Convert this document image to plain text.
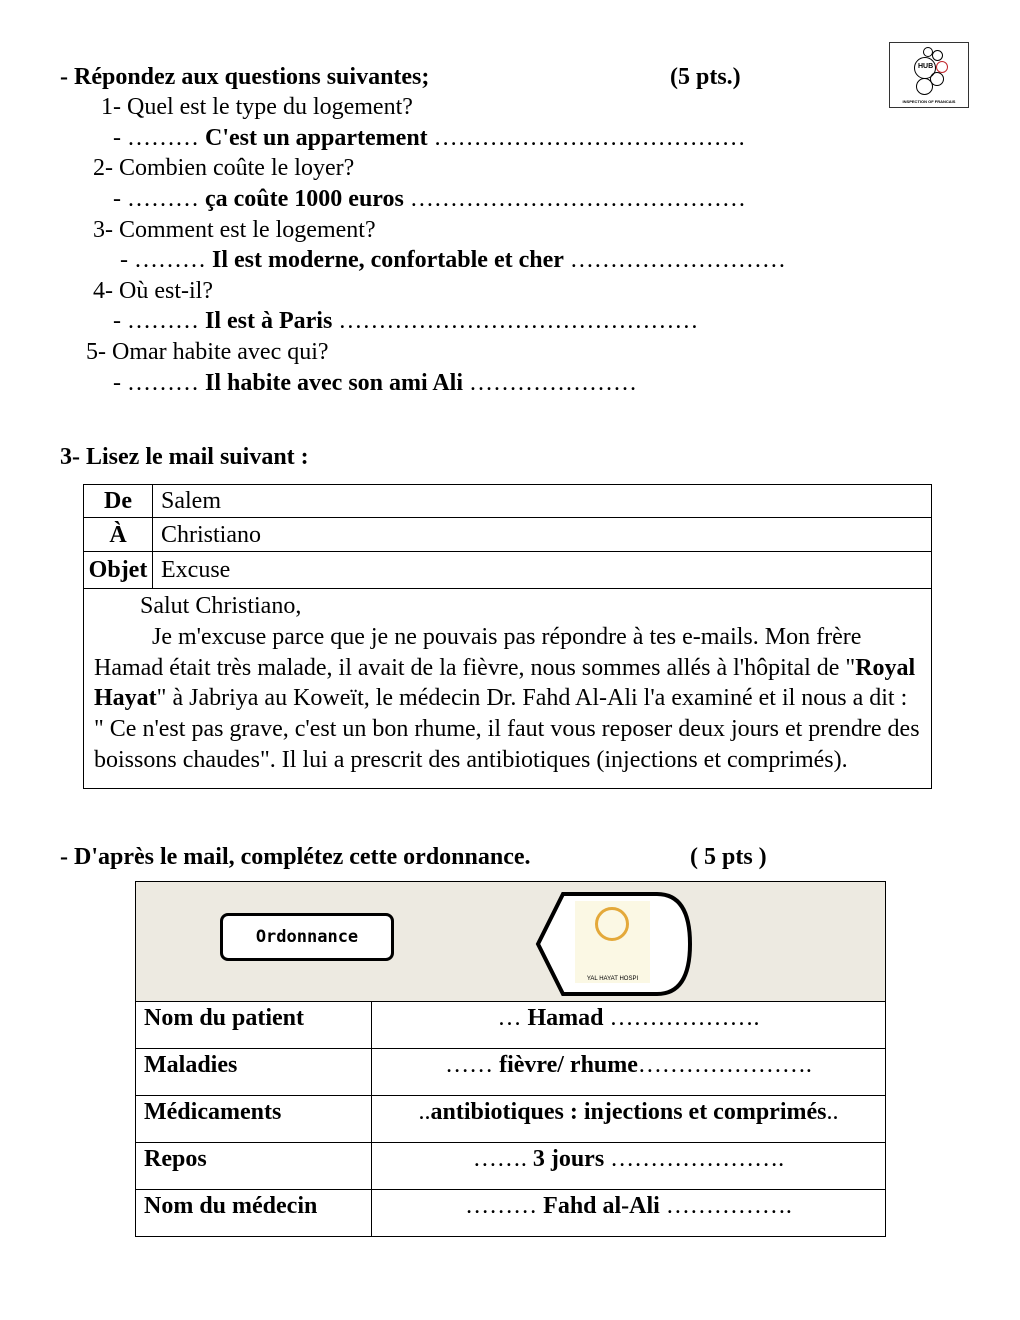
HUB
INSPECTION OF FRANCAIS
- Répondez aux questions suivantes;	(5 pts.)
1- Quel est le type du logement?
- ……… C'est un appartement …………………………………
2- Combien coûte le loyer?
- ……… ça coûte 1000 euros ……………………………………
3- Comment est le logement?
- ……… Il est moderne, confortable et cher ………………………
4- Où est-il?
- ……… Il est à Paris ………………………………………
5- Omar habite avec qui?
- ……… Il habite avec son ami Ali …………………
3- Lisez le mail suivant :
De	Salem
À	Christiano
Objet	Excuse

Salut Christiano,
Je m'excuse parce que je ne pouvais pas répondre à tes e-mails. Mon frère Hamad était très malade, il avait de la fièvre, nous sommes allés à l'hôpital de "Royal Hayat" à Jabriya au Koweït, le médecin Dr. Fahd Al-Ali l'a examiné et il nous a dit : " Ce n'est pas grave, c'est un bon rhume, il faut vous reposer deux jours et prendre des boissons chaudes". Il lui a prescrit des antibiotiques (injections et comprimés).	
- D'après le mail, complétez cette ordonnance.	( 5 pts )
Ordonnance
YAL HAYAT HOSPI	

Nom du patient	… Hamad ……………….
Maladies	…… fièvre/ rhume………………….
Médicaments	..antibiotiques : injections et comprimés..
Repos	……. 3 jours ………………….
Nom du médecin	……… Fahd al-Ali …………….
